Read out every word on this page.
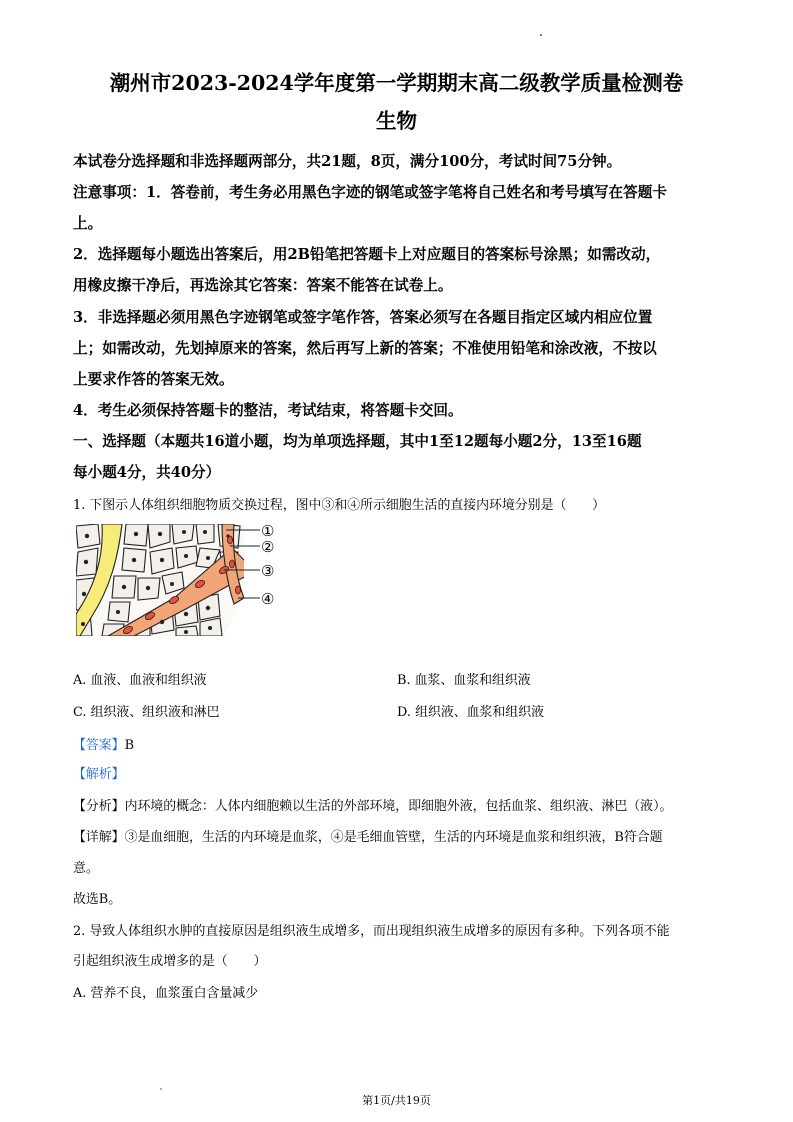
潮州市2023-2024学年度第一学期期末高二级教学质量检测卷
生物
本试卷分选择题和非选择题两部分，共21题，8页，满分100分，考试时间75分钟。
注意事项：1．答卷前，考生务必用黑色字迹的钢笔或签字笔将自己姓名和考号填写在答题卡
上。
2．选择题每小题选出答案后，用2B铅笔把答题卡上对应题目的答案标号涂黑；如需改动，
用橡皮擦干净后，再选涂其它答案：答案不能答在试卷上。
3．非选择题必须用黑色字迹钢笔或签字笔作答，答案必须写在各题目指定区域内相应位置
上；如需改动，先划掉原来的答案，然后再写上新的答案；不准使用铅笔和涂改液，不按以
上要求作答的答案无效。
4．考生必须保持答题卡的整洁，考试结束，将答题卡交回。
一、选择题（本题共16道小题，均为单项选择题，其中1至12题每小题2分，13至16题
每小题4分，共40分）
1. 下图示人体组织细胞物质交换过程，图中③和④所示细胞生活的直接内环境分别是（　　）
①
②
③
④
A. 血液、血液和组织液	B. 血浆、血浆和组织液
C. 组织液、组织液和淋巴	D. 组织液、血浆和组织液
【答案】B
【解析】
【分析】内环境的概念：人体内细胞赖以生活的外部环境，即细胞外液，包括血浆、组织液、淋巴（液）。
【详解】③是血细胞，生活的内环境是血浆，④是毛细血管壁，生活的内环境是血浆和组织液，B符合题
意。
故选B。
2. 导致人体组织水肿的直接原因是组织液生成增多，而出现组织液生成增多的原因有多种。下列各项不能
引起组织液生成增多的是（　　）
A. 营养不良，血浆蛋白含量减少
第1页/共19页
